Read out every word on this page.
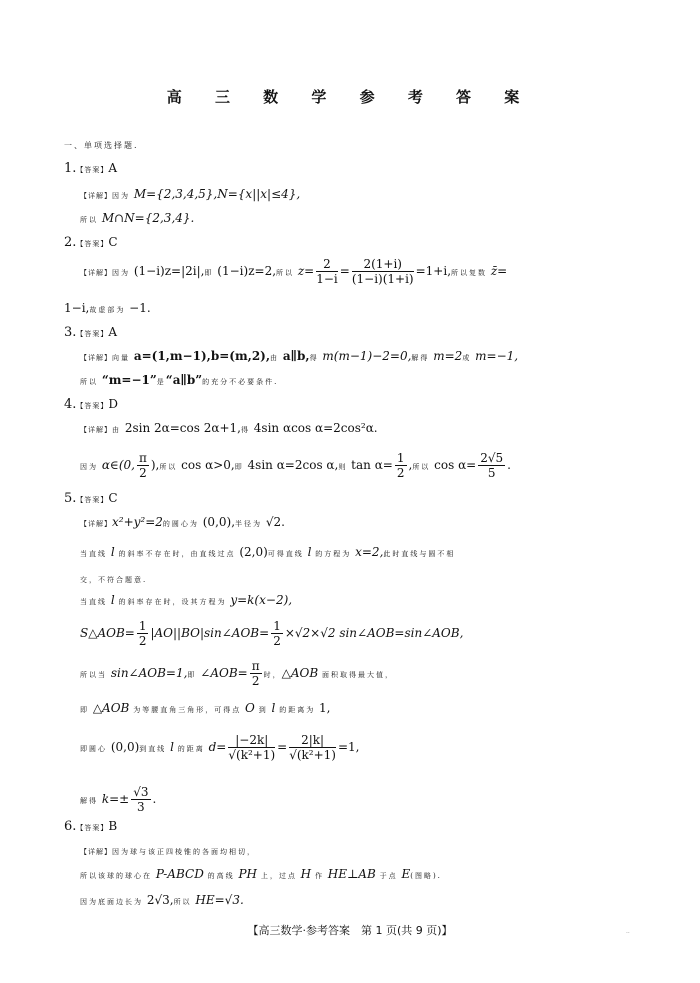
高 三 数 学 参 考 答 案
一、单项选择题.
1.【答案】A
【详解】因为 M={2,3,4,5},N={x||x|≤4},
所以 M∩N={2,3,4}.
2.【答案】C
【详解】因为 (1−i)z=|2i|,即 (1−i)z=2,所以 $z= \frac{2}{1-i} = \frac{2(1+i)}{(1-i)(1+i)} =1+i$,所以复数 z̄=
1−i,故虚部为 −1.
3.【答案】A
【详解】向量 a=(1,m−1),b=(m,2),由 a∥b,得 m(m−1)−2=0,解得 m=2或 m=−1,
所以 “m=−1”是“a∥b”的充分不必要条件.
4.【答案】D
【详解】由 2sin 2α=cos 2α+1,得 4sin αcos α=2cos²α.
因为 α∈(0, $\frac{\pi}{2}$ ),所以 cos α>0,即 4sin α=2cos α,则 $\tan \alpha= \frac{1}{2}$ ,所以 $\cos \alpha= \frac{2√5}{5}$ .
5.【答案】C
【详解】x²+y²=2的圆心为 (0,0),半径为 √2.
当直线 l 的斜率不存在时，由直线过点 (2,0)可得直线 l 的方程为 x=2,此时直线与圆不相
交，不符合题意.
当直线 l 的斜率存在时，设其方程为 y=k(x−2),
S△AOB= $\frac{1}{2}$ |AO||BO|sin∠AOB= $\frac{1}{2} \times√2\times√2$ sin∠AOB=sin∠AOB,
所以当 sin∠AOB=1,即 ∠AOB= $\frac{\pi}{2}$ 时，△AOB 面积取得最大值，
即 △AOB 为等腰直角三角形，可得点 O 到 l 的距离为 1,
即圆心 (0,0)到直线 l 的距离 $d= \frac{|-2k|}{\text{√(k²+1)}} = \frac{2|k|}{\text{√(k²+1)}} =1$,
解得 $k=\pm \frac{√3}{3}$ .
6.【答案】B
【详解】因为球与该正四棱锥的各面均相切，
所以该球的球心在 P-ABCD 的高线 PH 上，过点 H 作 HE⊥AB 于点 E(图略).
因为底面边长为 2√3,所以 HE=√3.
【高三数学·参考答案　第 1 页(共 9 页)】	..
